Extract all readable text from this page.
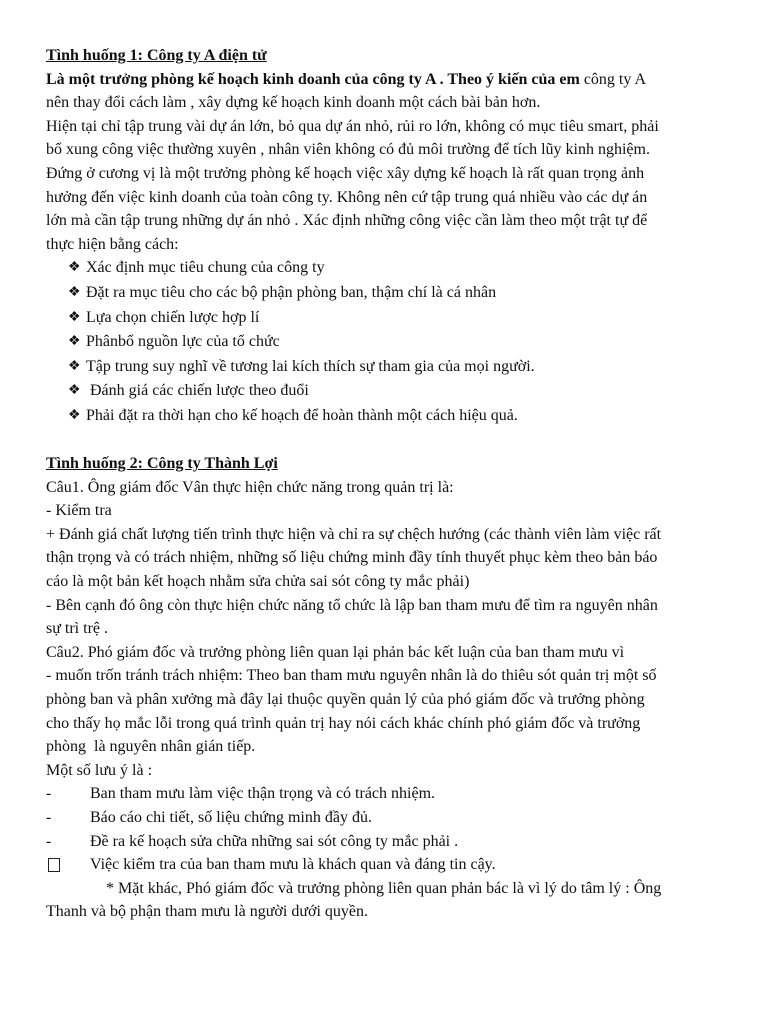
Tình huống 1: Công ty A điện tử
Là một trưởng phòng kế hoạch kinh doanh của công ty A . Theo ý kiến của em công ty A
nên thay đổi cách làm , xây dựng kế hoạch kinh doanh một cách bài bản hơn.
Hiện tại chỉ tập trung vài dự án lớn, bỏ qua dự án nhỏ, rủi ro lớn, không có mục tiêu smart, phải
bổ xung công việc thường xuyên , nhân viên không có đủ môi trường để tích lũy kinh nghiệm.
Đứng ở cương vị là một trưởng phòng kế hoạch việc xây dựng kế hoạch là rất quan trọng ảnh
hưởng đến việc kinh doanh của toàn công ty. Không nên cứ tập trung quá nhiều vào các dự án
lớn mà cần tập trung những dự án nhỏ . Xác định những công việc cần làm theo một trật tự để
thực hiện bằng cách:
❖ Xác định mục tiêu chung của công ty
❖ Đặt ra mục tiêu cho các bộ phận phòng ban, thậm chí là cá nhân
❖ Lựa chọn chiến lược hợp lí
❖ Phânbổ nguồn lực của tổ chức
❖ Tập trung suy nghĩ về tương lai kích thích sự tham gia của mọi người.
❖ Đánh giá các chiến lược theo đuổi
❖ Phải đặt ra thời hạn cho kế hoạch để hoàn thành một cách hiệu quả.
Tình huống 2: Công ty Thành Lợi
Câu1. Ông giám đốc Vân thực hiện chức năng trong quản trị là:
- Kiểm tra
+ Đánh giá chất lượng tiến trình thực hiện và chỉ ra sự chệch hướng (các thành viên làm việc rất
thận trọng và có trách nhiệm, những số liệu chứng minh đầy tính thuyết phục kèm theo bản báo
cáo là một bản kết hoạch nhằm sửa chửa sai sót công ty mắc phải)
- Bên cạnh đó ông còn thực hiện chức năng tổ chức là lập ban tham mưu để tìm ra nguyên nhân
sự trì trệ .
Câu2. Phó giám đốc và trưởng phòng liên quan lại phản bác kết luận của ban tham mưu vì
- muốn trốn tránh trách nhiệm: Theo ban tham mưu nguyên nhân là do thiêu sót quản trị một số
phòng ban và phân xưởng mà đây lại thuộc quyền quản lý của phó giám đốc và trưởng phòng
cho thấy họ mắc lỗi trong quá trình quản trị hay nói cách khác chính phó giám đốc và trưởng
phòng  là nguyên nhân gián tiếp.
Một số lưu ý là :
-	Ban tham mưu làm việc thận trọng và có trách nhiệm.
-	Báo cáo chi tiết, số liệu chứng minh đầy đủ.
-	Đề ra kế hoạch sửa chữa những sai sót công ty mắc phải .
Việc kiểm tra của ban tham mưu là khách quan và đáng tin cậy.
* Mặt khác, Phó giám đốc và trưởng phòng liên quan phản bác là vì lý do tâm lý : Ông
Thanh và bộ phận tham mưu là người dưới quyền.
